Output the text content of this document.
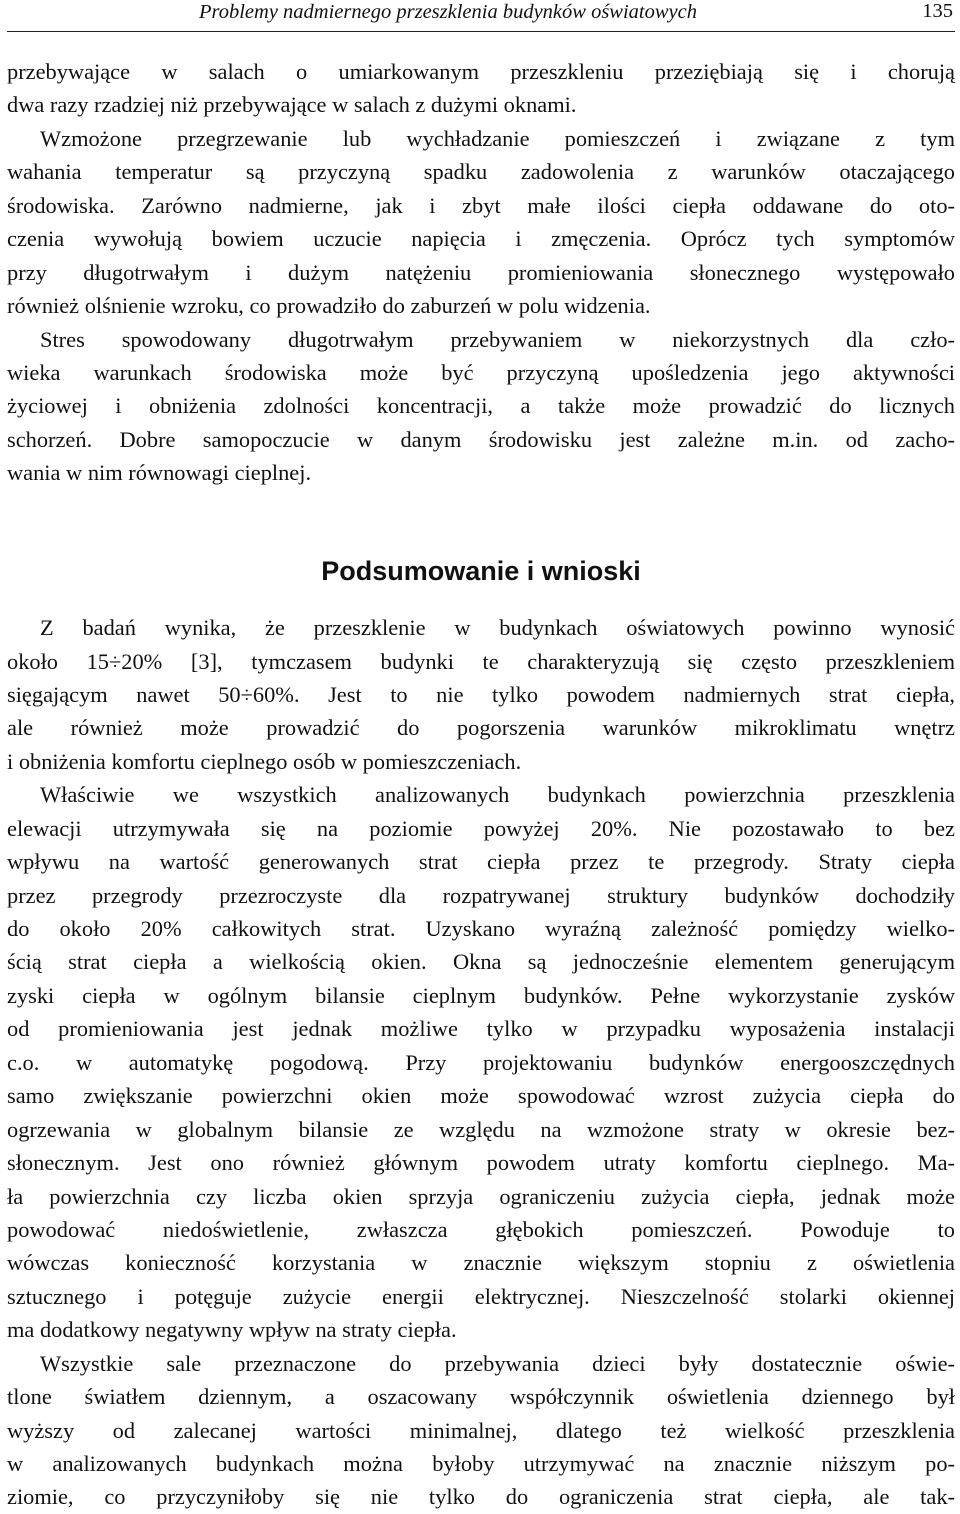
Problemy nadmiernego przeszklenia budynków oświatowych	135
przebywające w salach o umiarkowanym przeszkleniu przeziębiają się i chorują
dwa razy rzadziej niż przebywające w salach z dużymi oknami.
Wzmożone przegrzewanie lub wychładzanie pomieszczeń i związane z tym
wahania temperatur są przyczyną spadku zadowolenia z warunków otaczającego
środowiska. Zarówno nadmierne, jak i zbyt małe ilości ciepła oddawane do oto-
czenia wywołują bowiem uczucie napięcia i zmęczenia. Oprócz tych symptomów
przy długotrwałym i dużym natężeniu promieniowania słonecznego występowało
również olśnienie wzroku, co prowadziło do zaburzeń w polu widzenia.
Stres spowodowany długotrwałym przebywaniem w niekorzystnych dla czło-
wieka warunkach środowiska może być przyczyną upośledzenia jego aktywności
życiowej i obniżenia zdolności koncentracji, a także może prowadzić do licznych
schorzeń. Dobre samopoczucie w danym środowisku jest zależne m.in. od zacho-
wania w nim równowagi cieplnej.
Podsumowanie i wnioski
Z badań wynika, że przeszklenie w budynkach oświatowych powinno wynosić
około 15÷20% [3], tymczasem budynki te charakteryzują się często przeszkleniem
sięgającym nawet 50÷60%. Jest to nie tylko powodem nadmiernych strat ciepła,
ale również może prowadzić do pogorszenia warunków mikroklimatu wnętrz
i obniżenia komfortu cieplnego osób w pomieszczeniach.
Właściwie we wszystkich analizowanych budynkach powierzchnia przeszklenia
elewacji utrzymywała się na poziomie powyżej 20%. Nie pozostawało to bez
wpływu na wartość generowanych strat ciepła przez te przegrody. Straty ciepła
przez przegrody przezroczyste dla rozpatrywanej struktury budynków dochodziły
do około 20% całkowitych strat. Uzyskano wyraźną zależność pomiędzy wielko-
ścią strat ciepła a wielkością okien. Okna są jednocześnie elementem generującym
zyski ciepła w ogólnym bilansie cieplnym budynków. Pełne wykorzystanie zysków
od promieniowania jest jednak możliwe tylko w przypadku wyposażenia instalacji
c.o. w automatykę pogodową. Przy projektowaniu budynków energooszczędnych
samo zwiększanie powierzchni okien może spowodować wzrost zużycia ciepła do
ogrzewania w globalnym bilansie ze względu na wzmożone straty w okresie bez-
słonecznym. Jest ono również głównym powodem utraty komfortu cieplnego. Ma-
ła powierzchnia czy liczba okien sprzyja ograniczeniu zużycia ciepła, jednak może
powodować niedoświetlenie, zwłaszcza głębokich pomieszczeń. Powoduje to
wówczas konieczność korzystania w znacznie większym stopniu z oświetlenia
sztucznego i potęguje zużycie energii elektrycznej. Nieszczelność stolarki okiennej
ma dodatkowy negatywny wpływ na straty ciepła.
Wszystkie sale przeznaczone do przebywania dzieci były dostatecznie oświe-
tlone światłem dziennym, a oszacowany współczynnik oświetlenia dziennego był
wyższy od zalecanej wartości minimalnej, dlatego też wielkość przeszklenia
w analizowanych budynkach można byłoby utrzymywać na znacznie niższym po-
ziomie, co przyczyniłoby się nie tylko do ograniczenia strat ciepła, ale tak-
